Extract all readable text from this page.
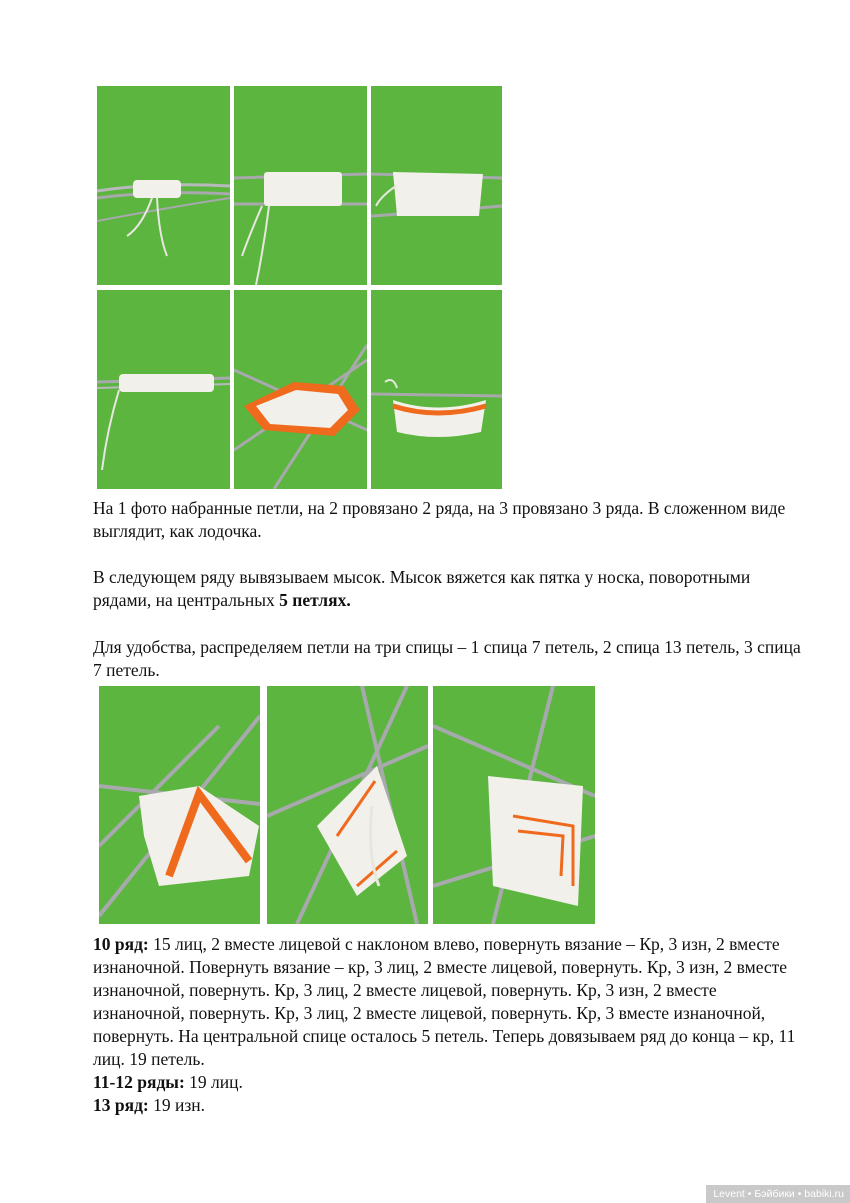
На 1 фото набранные петли, на 2 провязано 2 ряда, на 3 провязано 3 ряда. В сложенном виде выглядит, как лодочка.

В следующем ряду вывязываем мысок. Мысок вяжется как пятка у носка, поворотными рядами, на центральных 5 петлях.

Для удобства, распределяем петли на три спицы – 1 спица 7 петель, 2 спица 13 петель, 3 спица 7 петель.

10 ряд: 15 лиц, 2 вместе лицевой с наклоном влево, повернуть вязание – Кр, 3 изн, 2 вместе изнаночной. Повернуть вязание – кр, 3 лиц, 2 вместе лицевой, повернуть. Кр, 3 изн, 2 вместе изнаночной, повернуть. Кр, 3 лиц, 2 вместе лицевой, повернуть. Кр, 3 изн, 2 вместе изнаночной, повернуть. Кр, 3 лиц, 2 вместе лицевой, повернуть. Кр, 3 вместе изнаночной, повернуть. На центральной спице осталось 5 петель. Теперь довязываем ряд до конца – кр, 11 лиц. 19 петель.

11-12 ряды: 19 лиц.

13 ряд: 19 изн.

Levent • Бэйбики • babiki.ru
